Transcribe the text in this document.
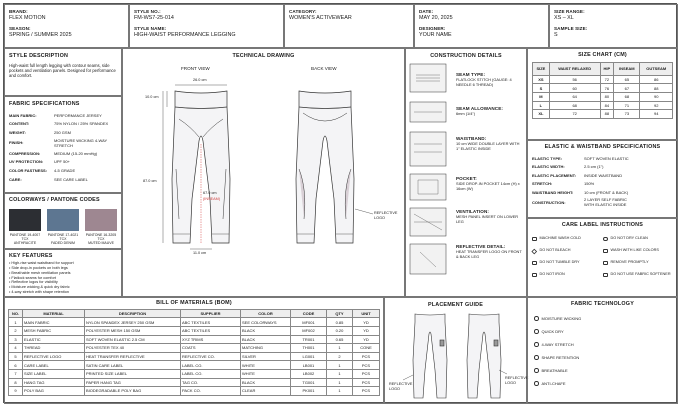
BRAND:
FLEX MOTION
SEASON:
SPRING / SUMMER 2025
STYLE NO.:
FM-WS7-25-014
STYLE NAME:
HIGH-WAIST PERFORMANCE LEGGING
CATEGORY:
WOMEN'S ACTIVEWEAR
DATE:
MAY 20, 2025
DESIGNER:
YOUR NAME
SIZE RANGE:
XS – XL
SAMPLE SIZE:
S
STYLE DESCRIPTION
High-waist full length legging with contour seams, side pockets and ventilation panels. Designed for performance and comfort.
FABRIC SPECIFICATIONS
MAIN FABRIC:	PERFORMANCE JERSEY
CONTENT:	75% NYLON / 25% SPANDEX
WEIGHT:	250 GSM
FINISH:	MOISTURE WICKING 4-WAY STRETCH
COMPRESSION:	MEDIUM (15-20 mmHg)
UV PROTECTION:	UPF 50+
COLOR FASTNESS:	4-5 GRADE
CARE:	SEE CARE LABEL
COLORWAYS / PANTONE CODES
PANTONE 19-4007 TCX
ANTHRACITE
PANTONE 17-4021 TCX
FADED DENIM
PANTONE 16-3205 TCX
MUTED MAUVE
KEY FEATURES
• High-rise waist waistband for support
• Side drop-in pockets on both legs
• Breathable mesh ventilation panels
• Flatlock seams for comfort
• Reflective logos for visibility
• Moisture wicking & quick dry fabric
• 4-way stretch with shape retention
TECHNICAL DRAWING
FRONT VIEW	BACK VIEW
26.0 cm
10.0 cm
87.0 cm
67.0 cm
(INSEAM)
11.0 cm
REFLECTIVE LOGO
CONSTRUCTION DETAILS
SEAM TYPE:
FLATLOCK STITCH (GAUGE: 4 NEEDLE 6 THREAD)
SEAM ALLOWANCE:
6mm (1/4")
WAISTBAND:
10 cm WIDE DOUBLE LAYER WITH 1" ELASTIC INSIDE
POCKET:
SIDE DROP-IN POCKET 14cm (H) x 16cm (W)
VENTILATION:
MESH PANEL INSERT ON LOWER LEG
REFLECTIVE DETAIL:
HEAT TRANSFER LOGO ON FRONT & BACK LEG
SIZE CHART (CM)
SIZE	WAIST RELAXED	HIP	INSEAM	OUTSEAM
XS	56	72	65	86
S	60	76	67	88
M	64	80	68	90
L	68	84	71	92
XL	72	88	73	94
ELASTIC & WAISTBAND SPECIFICATIONS
ELASTIC TYPE:	SOFT WOVEN ELASTIC
ELASTIC WIDTH:	2.5 cm (1")
ELASTIC PLACEMENT:	INSIDE WAISTBAND
STRETCH:	150%
WAISTBAND HEIGHT:	10 cm (FRONT & BACK)
CONSTRUCTION:	2 LAYER SELF FABRIC WITH ELASTIC INSIDE
CARE LABEL INSTRUCTIONS
MACHINE WASH COLD
DO NOT BLEACH
DO NOT TUMBLE DRY
DO NOT IRON
DO NOT DRY CLEAN
WASH WITH LIKE COLORS
REMOVE PROMPTLY
DO NOT USE FABRIC SOFTENER
BILL OF MATERIALS (BOM)
NO.	MATERIAL	DESCRIPTION	SUPPLIER	COLOR	CODE	QTY	UNIT
1	MAIN FABRIC	NYLON SPANDEX JERSEY 250 GSM	ABC TEXTILES	SEE COLORWAYS	MF001	0.85	YD
2	MESH FABRIC	POLYESTER MESH 150 GSM	ABC TEXTILES	BLACK	MF002	0.20	YD
3	ELASTIC	SOFT WOVEN ELASTIC 2.5 CM	XYZ TRIMS	BLACK	TR001	0.65	YD
4	THREAD	POLYESTER TEX 40	COATS	MATCHING	TH001	1	CONE
5	REFLECTIVE LOGO	HEAT TRANSFER REFLECTIVE	REFLECTIVE CO.	SILVER	LG001	2	PCS
6	CARE LABEL	SATIN CARE LABEL	LABEL CO.	WHITE	LB001	1	PCS
7	SIZE LABEL	PRINTED SIZE LABEL	LABEL CO.	WHITE	LB002	1	PCS
8	HANG TAG	PAPER HANG TAG	TAG CO.	BLACK	TG001	1	PCS
9	POLY BAG	BIODEGRADABLE POLY BAG	PACK CO.	CLEAR	PK001	1	PCS
PLACEMENT GUIDE
REFLECTIVE LOGO
REFLECTIVE LOGO
FABRIC TECHNOLOGY
MOISTURE WICKING
QUICK DRY
4-WAY STRETCH
SHAPE RETENTION
BREATHABLE
ANTI-CHAFE
